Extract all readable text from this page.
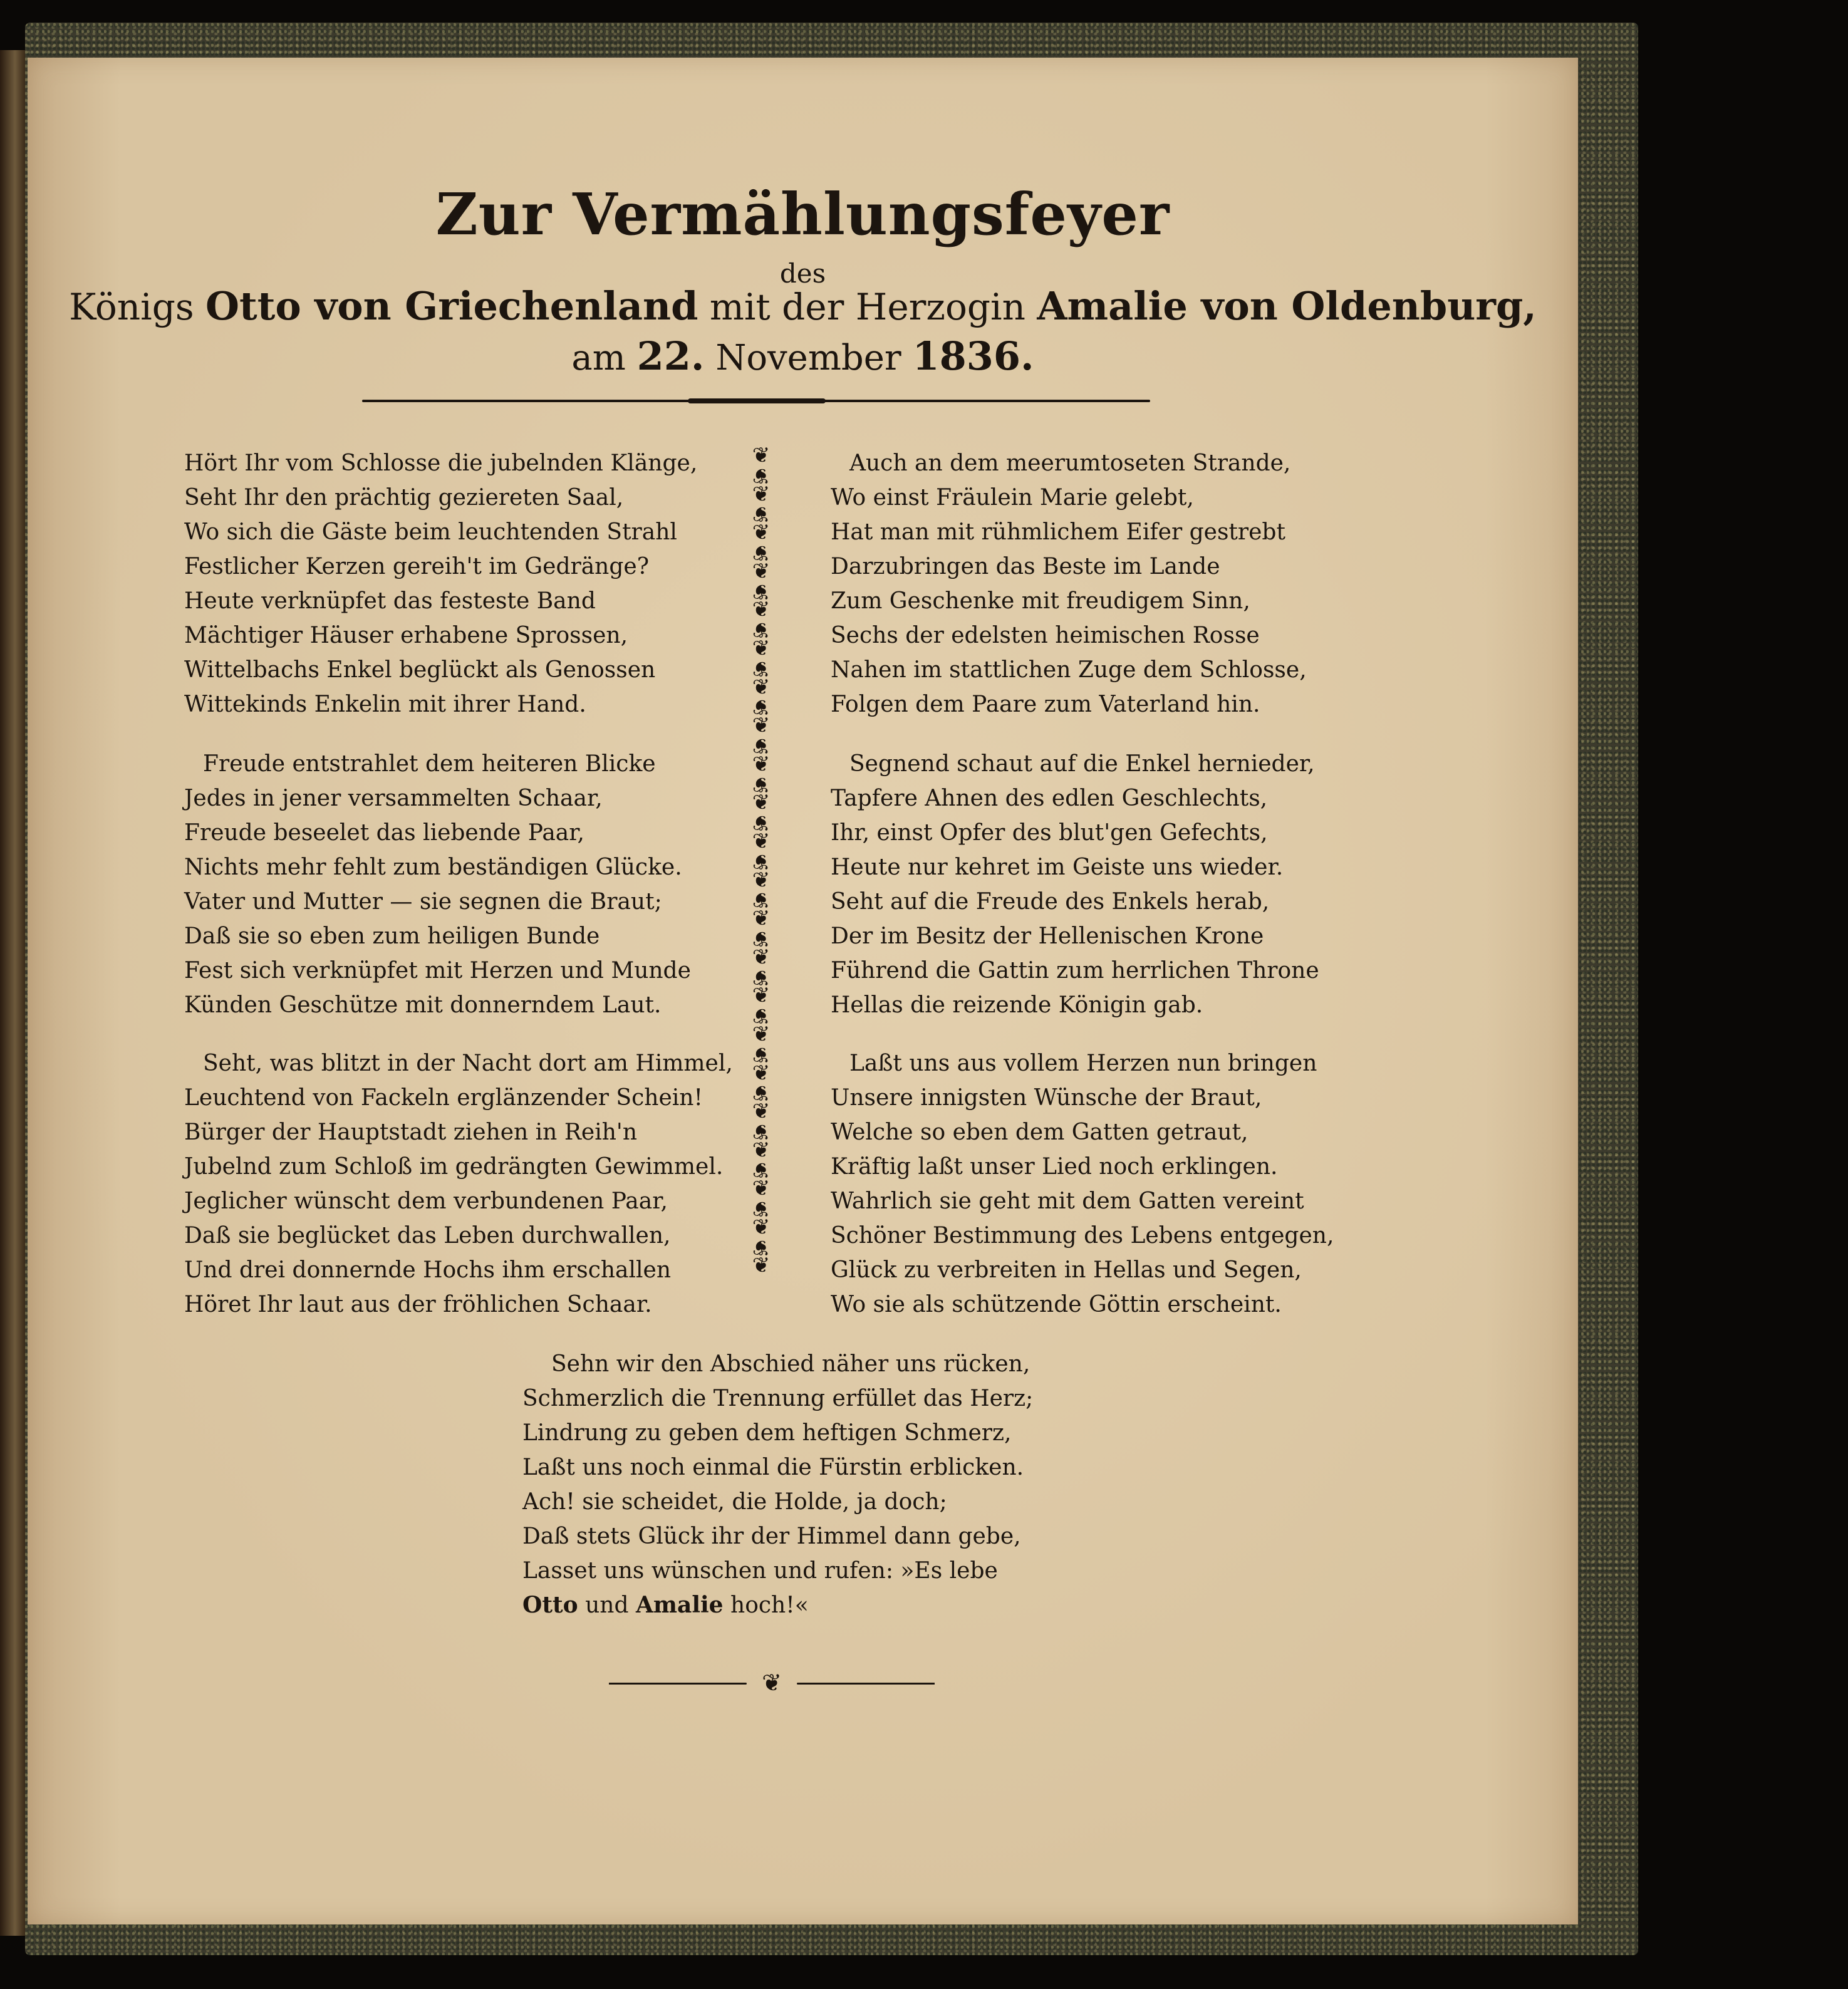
Zur Vermählungsfeyer
des
Königs Otto von Griechenland mit der Herzogin Amalie von Oldenburg,
am 22. November 1836.
Hört Ihr vom Schlosse die jubelnden Klänge,
Seht Ihr den prächtig geziereten Saal,
Wo sich die Gäste beim leuchtenden Strahl
Festlicher Kerzen gereih't im Gedränge?
Heute verknüpfet das festeste Band
Mächtiger Häuser erhabene Sprossen,
Wittelbachs Enkel beglückt als Genossen
Wittekinds Enkelin mit ihrer Hand.
Freude entstrahlet dem heiteren Blicke
Jedes in jener versammelten Schaar,
Freude beseelet das liebende Paar,
Nichts mehr fehlt zum beständigen Glücke.
Vater und Mutter — sie segnen die Braut;
Daß sie so eben zum heiligen Bunde
Fest sich verknüpfet mit Herzen und Munde
Künden Geschütze mit donnerndem Laut.
Seht, was blitzt in der Nacht dort am Himmel,
Leuchtend von Fackeln erglänzender Schein!
Bürger der Hauptstadt ziehen in Reih'n
Jubelnd zum Schloß im gedrängten Gewimmel.
Jeglicher wünscht dem verbundenen Paar,
Daß sie beglücket das Leben durchwallen,
Und drei donnernde Hochs ihm erschallen
Höret Ihr laut aus der fröhlichen Schaar.
❦
❦
❦
❦
❦
❦
❦
❦
❦
❦
❦
❦
❦
❦
❦
❦
❦
❦
❦
❦
❦
❦
❦
❦
❦
❦
❦
❦
❦
❦
❦
❦
❦
❦
❦
❦
❦
❦
❦
❦
❦
❦
❦
Auch an dem meerumtoseten Strande,
Wo einst Fräulein Marie gelebt,
Hat man mit rühmlichem Eifer gestrebt
Darzubringen das Beste im Lande
Zum Geschenke mit freudigem Sinn,
Sechs der edelsten heimischen Rosse
Nahen im stattlichen Zuge dem Schlosse,
Folgen dem Paare zum Vaterland hin.
Segnend schaut auf die Enkel hernieder,
Tapfere Ahnen des edlen Geschlechts,
Ihr, einst Opfer des blut'gen Gefechts,
Heute nur kehret im Geiste uns wieder.
Seht auf die Freude des Enkels herab,
Der im Besitz der Hellenischen Krone
Führend die Gattin zum herrlichen Throne
Hellas die reizende Königin gab.
Laßt uns aus vollem Herzen nun bringen
Unsere innigsten Wünsche der Braut,
Welche so eben dem Gatten getraut,
Kräftig laßt unser Lied noch erklingen.
Wahrlich sie geht mit dem Gatten vereint
Schöner Bestimmung des Lebens entgegen,
Glück zu verbreiten in Hellas und Segen,
Wo sie als schützende Göttin erscheint.
Sehn wir den Abschied näher uns rücken,
Schmerzlich die Trennung erfüllet das Herz;
Lindrung zu geben dem heftigen Schmerz,
Laßt uns noch einmal die Fürstin erblicken.
Ach! sie scheidet, die Holde, ja doch;
Daß stets Glück ihr der Himmel dann gebe,
Lasset uns wünschen und rufen: »Es lebe
Otto und Amalie hoch!«
❦
